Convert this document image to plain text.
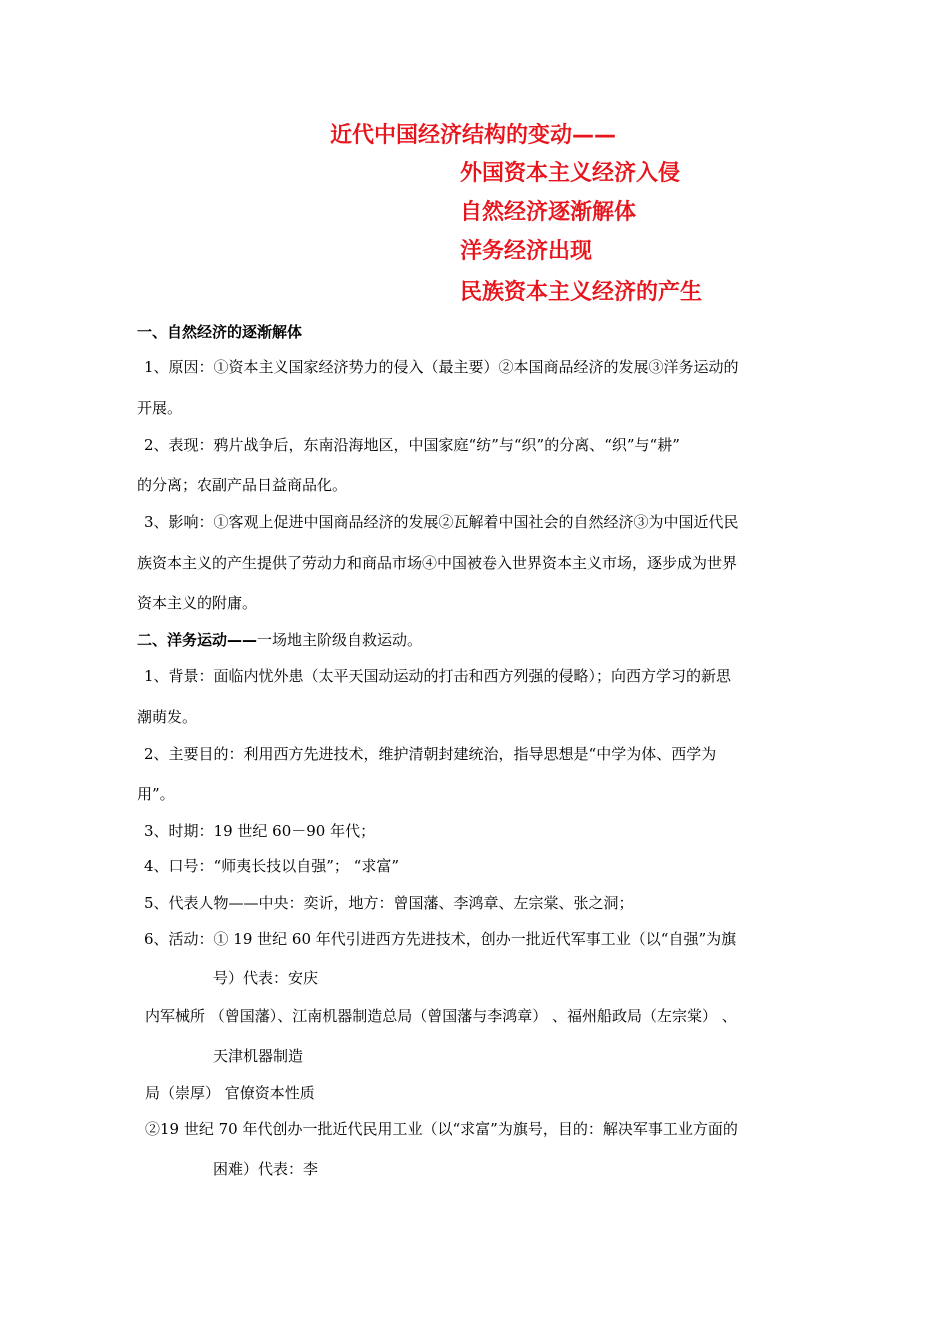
近代中国经济结构的变动——
外国资本主义经济入侵
自然经济逐渐解体
洋务经济出现
民族资本主义经济的产生
一、自然经济的逐渐解体
1、原因：①资本主义国家经济势力的侵入（最主要）②本国商品经济的发展③洋务运动的
开展。
2、表现：鸦片战争后，东南沿海地区，中国家庭“纺”与“织”的分离、“织”与“耕”
的分离；农副产品日益商品化。
3、影响：①客观上促进中国商品经济的发展②瓦解着中国社会的自然经济③为中国近代民
族资本主义的产生提供了劳动力和商品市场④中国被卷入世界资本主义市场，逐步成为世界
资本主义的附庸。
二、洋务运动——一场地主阶级自救运动。
1、背景：面临内忧外患（太平天国动运动的打击和西方列强的侵略）；向西方学习的新思
潮萌发。
2、主要目的：利用西方先进技术，维护清朝封建统治，指导思想是“中学为体、西学为
用”。
3、时期：19 世纪 60－90 年代；
4、口号：“师夷长技以自强”； “求富”
5、代表人物——中央：奕䜣，地方：曾国藩、李鸿章、左宗棠、张之洞；
6、活动：① 19 世纪 60 年代引进西方先进技术，创办一批近代军事工业（以“自强”为旗
号）代表：安庆
内军械所 （曾国藩）、江南机器制造总局（曾国藩与李鸿章） 、福州船政局（左宗棠） 、
天津机器制造
局（崇厚） 官僚资本性质
②19 世纪 70 年代创办一批近代民用工业（以“求富”为旗号，目的：解决军事工业方面的
困难）代表：李
